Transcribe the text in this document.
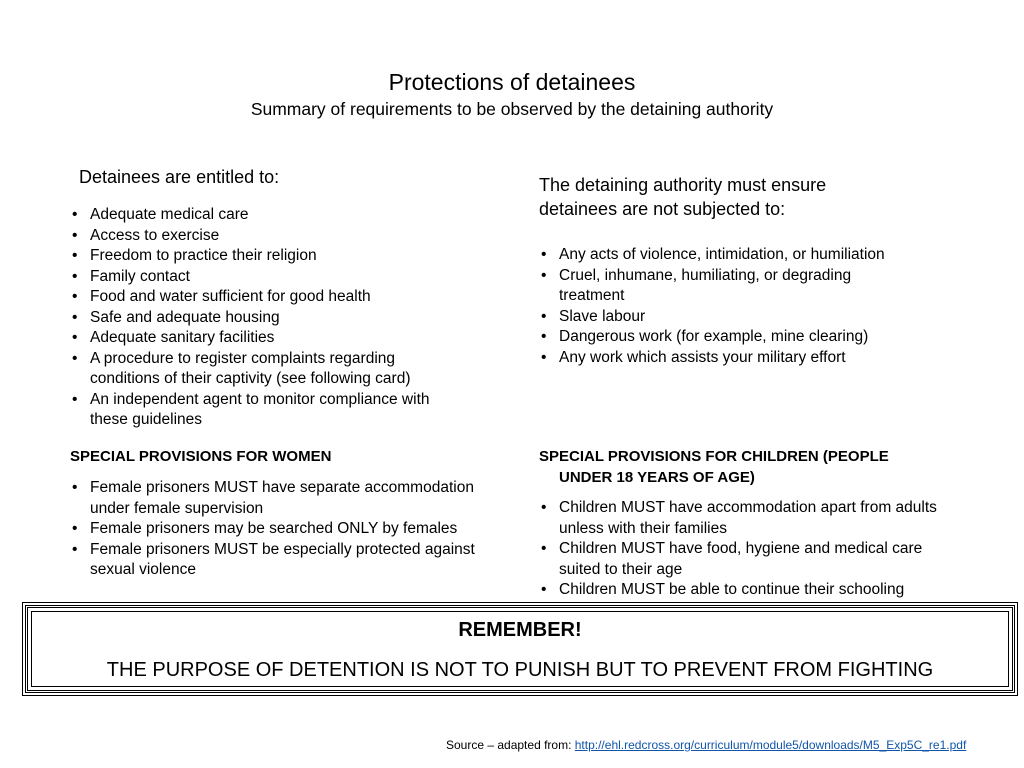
Protections of detainees
Summary of requirements to be observed by the detaining authority
Detainees are entitled to:
• Adequate medical care
• Access to exercise
• Freedom to practice their religion
• Family contact
• Food and water sufficient for good health
• Safe and adequate housing
• Adequate sanitary facilities
• A procedure to register complaints regarding conditions of their captivity (see following card)
• An independent agent to monitor compliance with these guidelines
The detaining authority must ensure
detainees are not subjected to:
• Any acts of violence, intimidation, or humiliation
• Cruel, inhumane, humiliating, or degrading treatment
• Slave labour
• Dangerous work (for example, mine clearing)
• Any work which assists your military effort
SPECIAL PROVISIONS FOR WOMEN
• Female prisoners MUST have separate accommodation under female supervision
• Female prisoners may be searched ONLY by females
• Female prisoners MUST be especially protected against sexual violence
SPECIAL PROVISIONS FOR CHILDREN (PEOPLE
UNDER 18 YEARS OF AGE)
• Children MUST have accommodation apart from adults unless with their families
• Children MUST have food, hygiene and medical care suited to their age
• Children MUST be able to continue their schooling
REMEMBER!
THE PURPOSE OF DETENTION IS NOT TO PUNISH BUT TO PREVENT FROM FIGHTING
Source – adapted from: http://ehl.redcross.org/curriculum/module5/downloads/M5_Exp5C_re1.pdf
